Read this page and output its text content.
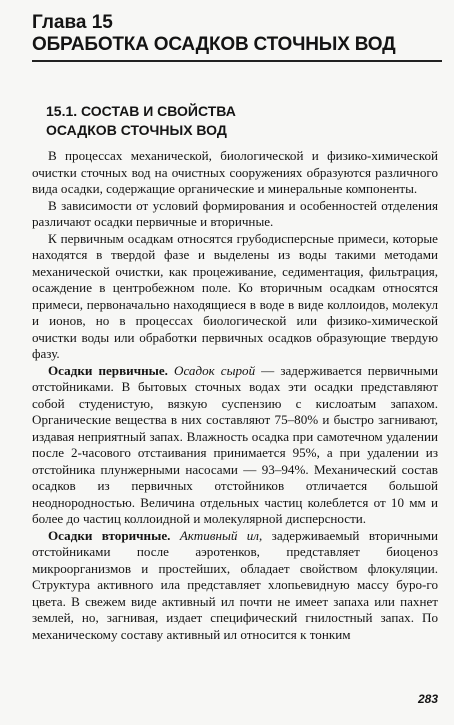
Глава 15
ОБРАБОТКА ОСАДКОВ СТОЧНЫХ ВОД
15.1. СОСТАВ И СВОЙСТВА
ОСАДКОВ СТОЧНЫХ ВОД

В процессах механической, биологической и физико-химической очистки сточных вод на очистных сооружениях образуются различного вида осадки, содержащие органические и минеральные компоненты.

В зависимости от условий формирования и особенностей отделения различают осадки первичные и вторичные.

К первичным осадкам относятся грубодисперсные примеси, которые находятся в твердой фазе и выделены из воды такими методами механической очистки, как процеживание, седиментация, фильтрация, осаждение в центробежном поле. Ко вторичным осадкам относятся примеси, первоначально находящиеся в воде в виде коллоидов, молекул и ионов, но в процессах биологической или физико-химической очистки воды или обработки первичных осадков образующие твердую фазу.

Осадки первичные. Осадок сырой — задерживается первичными отстойниками. В бытовых сточных водах эти осадки представляют собой студенистую, вязкую суспензию с кислоатым запахом. Органические вещества в них составляют 75–80% и быстро загнивают, издавая неприятный запах. Влажность осадка при самотечном удалении после 2-часового отстаивания принимается 95%, а при удалении из отстойника плунжерными насосами — 93–94%. Механический состав осадков из первичных отстойников отличается большой неоднородностью. Величина отдельных частиц колеблется от 10 мм и более до частиц коллоидной и молекулярной дисперсности.

Осадки вторичные. Активный ил, задерживаемый вторичными отстойниками после аэротенков, представляет биоценоз микроорганизмов и простейших, обладает свойством флокуляции. Структура активного ила представляет хлопьевидную массу буро-го цвета. В свежем виде активный ил почти не имеет запаха или пахнет землей, но, загнивая, издает специфический гнилостный запах. По механическому составу активный ил относится к тонким

283
